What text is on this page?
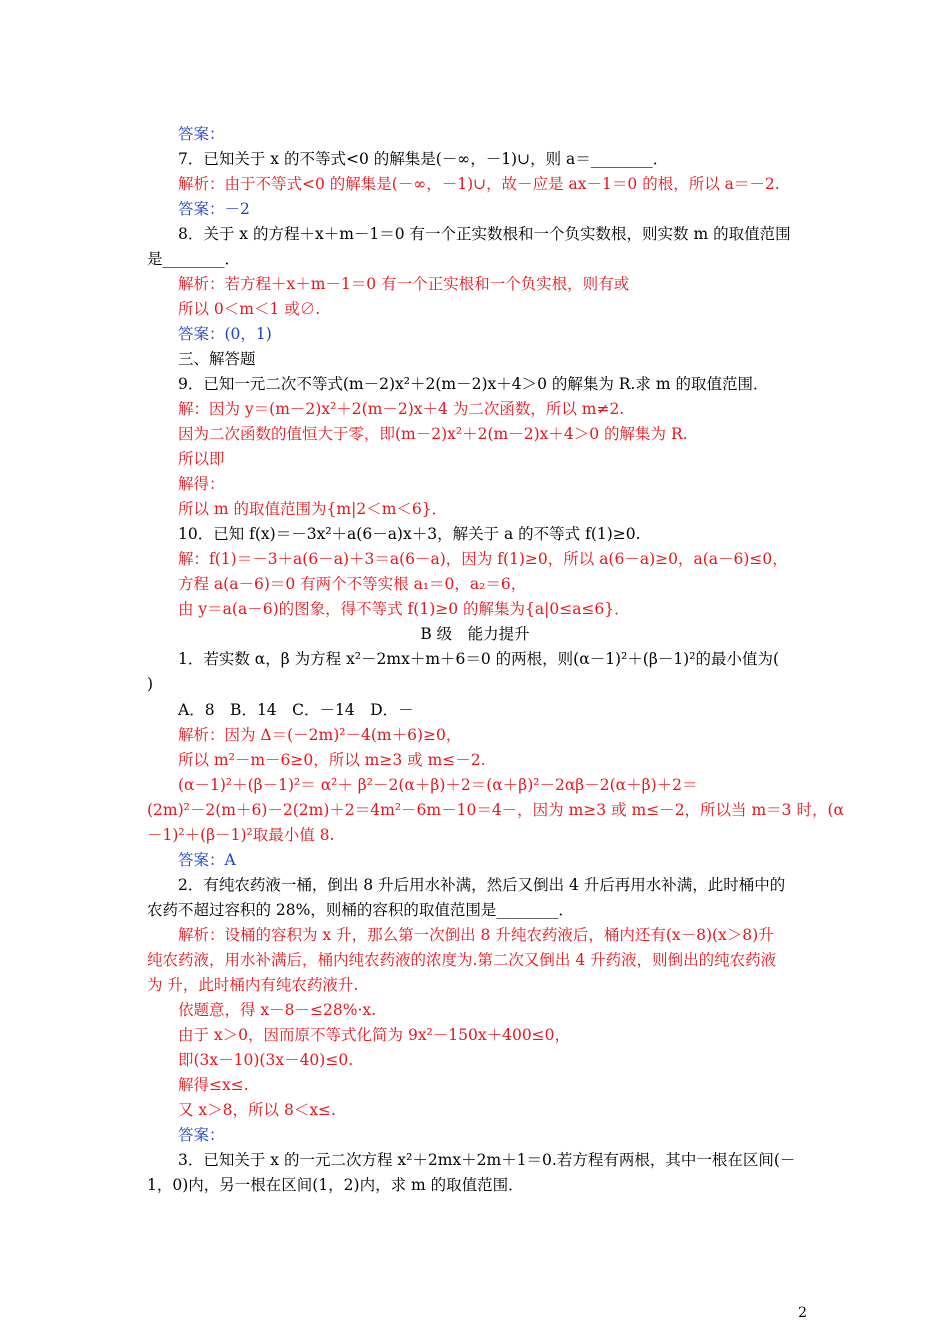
答案：
7．已知关于 x 的不等式<0 的解集是(－∞，－1)∪，则 a＝________．
解析：由于不等式<0 的解集是(－∞，－1)∪，故－应是 ax－1＝0 的根，所以 a＝－2.
答案：－2
8．关于 x 的方程＋x＋m－1＝0 有一个正实数根和一个负实数根，则实数 m 的取值范围
是________．
解析：若方程＋x＋m－1＝0 有一个正实根和一个负实根，则有或
所以 0＜m＜1 或∅.
答案：(0，1)
三、解答题
9．已知一元二次不等式(m－2)x²＋2(m－2)x＋4＞0 的解集为 R.求 m 的取值范围．
解：因为 y＝(m－2)x²＋2(m－2)x＋4 为二次函数，所以 m≠2.
因为二次函数的值恒大于零，即(m－2)x²＋2(m－2)x＋4＞0 的解集为 R.
所以即
解得：
所以 m 的取值范围为{m|2＜m＜6}．
10．已知 f(x)＝－3x²＋a(6－a)x＋3，解关于 a 的不等式 f(1)≥0.
解：f(1)＝－3＋a(6－a)＋3＝a(6－a)，因为 f(1)≥0，所以 a(6－a)≥0，a(a－6)≤0，
方程 a(a－6)＝0 有两个不等实根 a₁＝0，a₂＝6，
由 y＝a(a－6)的图象，得不等式 f(1)≥0 的解集为{a|0≤a≤6}．
B 级　能力提升
1．若实数 α，β 为方程 x²－2mx＋m＋6＝0 的两根，则(α－1)²＋(β－1)²的最小值为(
)
A．8　B．14　C．－14　D．－
解析：因为 Δ＝(－2m)²－4(m＋6)≥0，
所以 m²－m－6≥0，所以 m≥3 或 m≤－2.
(α－1)²＋(β－1)²＝ α²＋ β²－2(α＋β)＋2＝(α＋β)²－2αβ－2(α＋β)＋2＝
(2m)²－2(m＋6)－2(2m)＋2＝4m²－6m－10＝4－，因为 m≥3 或 m≤－2，所以当 m＝3 时，(α
－1)²＋(β－1)²取最小值 8.
答案：A
2．有纯农药液一桶，倒出 8 升后用水补满，然后又倒出 4 升后再用水补满，此时桶中的
农药不超过容积的 28%，则桶的容积的取值范围是________．
解析：设桶的容积为 x 升，那么第一次倒出 8 升纯农药液后，桶内还有(x－8)(x＞8)升
纯农药液，用水补满后，桶内纯农药液的浓度为.第二次又倒出 4 升药液，则倒出的纯农药液
为 升，此时桶内有纯农药液升.
依题意，得 x－8－≤28%·x.
由于 x＞0，因而原不等式化简为 9x²－150x＋400≤0，
即(3x－10)(3x－40)≤0.
解得≤x≤.
又 x＞8，所以 8＜x≤.
答案：
3．已知关于 x 的一元二次方程 x²＋2mx＋2m＋1＝0.若方程有两根，其中一根在区间(－
1，0)内，另一根在区间(1，2)内，求 m 的取值范围．
2
